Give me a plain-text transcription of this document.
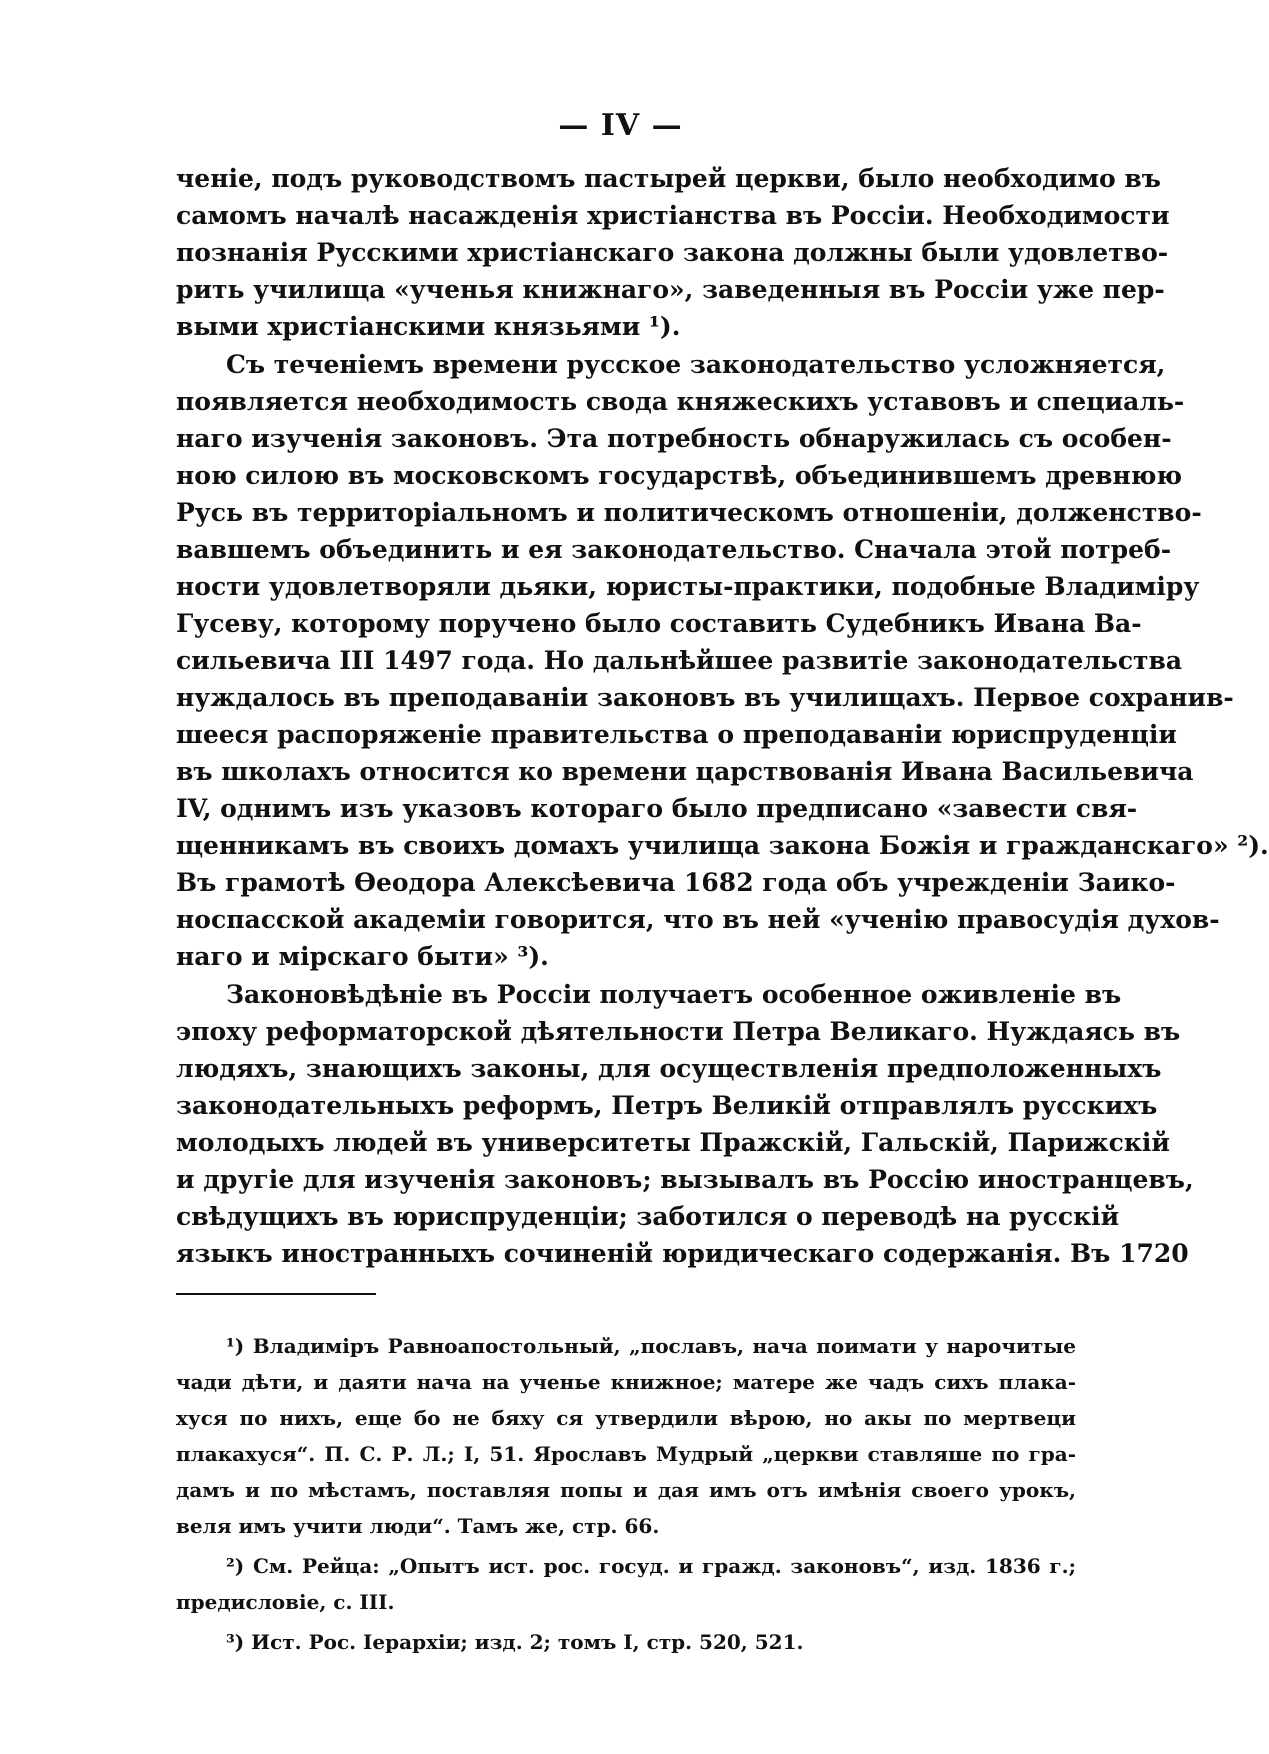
— IV —
ченіе, подъ руководствомъ пастырей церкви, было необходимо въ
самомъ началѣ насажденія христіанства въ Россіи. Необходимости
познанія Русскими христіанскаго закона должны были удовлетво-
рить училища «ученья книжнаго», заведенныя въ Россіи уже пер-
выми христіанскими князьями ¹).
Съ теченіемъ времени русское законодательство усложняется,
появляется необходимость свода княжескихъ уставовъ и специаль-
наго изученія законовъ. Эта потребность обнаружилась съ особен-
ною силою въ московскомъ государствѣ, объединившемъ древнюю
Русь въ территоріальномъ и политическомъ отношеніи, долженство-
вавшемъ объединить и ея законодательство. Сначала этой потреб-
ности удовлетворяли дьяки, юристы-практики, подобные Владиміру
Гусеву, которому поручено было составить Судебникъ Ивана Ва-
сильевича III 1497 года. Но дальнѣйшее развитіе законодательства
нуждалось въ преподаваніи законовъ въ училищахъ. Первое сохранив-
шееся распоряженіе правительства о преподаваніи юриспруденціи
въ школахъ относится ко времени царствованія Ивана Васильевича
IV, однимъ изъ указовъ котораго было предписано «завести свя-
щенникамъ въ своихъ домахъ училища закона Божія и гражданскаго» ²).
Въ грамотѣ Өеодора Алексѣевича 1682 года объ учрежденіи Заико-
носпасской академіи говорится, что въ ней «ученію правосудія духов-
наго и мірскаго быти» ³).
Законовѣдѣніе въ Россіи получаетъ особенное оживленіе въ
эпоху реформаторской дѣятельности Петра Великаго. Нуждаясь въ
людяхъ, знающихъ законы, для осуществленія предположенныхъ
законодательныхъ реформъ, Петръ Великій отправлялъ русскихъ
молодыхъ людей въ университеты Пражскій, Гальскій, Парижскій
и другіе для изученія законовъ; вызывалъ въ Россію иностранцевъ,
свѣдущихъ въ юриспруденціи; заботился о переводѣ на русскій
языкъ иностранныхъ сочиненій юридическаго содержанія. Въ 1720
¹) Владиміръ Равноапостольный, „пославъ, нача поимати у нарочитые
чади дѣти, и даяти нача на ученье книжное; матере же чадъ сихъ плака-
хуся по нихъ, еще бо не бяху ся утвердили вѣрою, но акы по мертвеци
плакахуся“. П. С. Р. Л.; I, 51. Ярославъ Мудрый „церкви ставляше по гра-
дамъ и по мѣстамъ, поставляя попы и дая имъ отъ имѣнія своего урокъ,
веля имъ учити люди“. Тамъ же, стр. 66.
²) См. Рейца: „Опытъ ист. рос. госуд. и гражд. законовъ“, изд. 1836 г.;
предисловіе, с. III.
³) Ист. Рос. Іерархіи; изд. 2; томъ I, стр. 520, 521.
